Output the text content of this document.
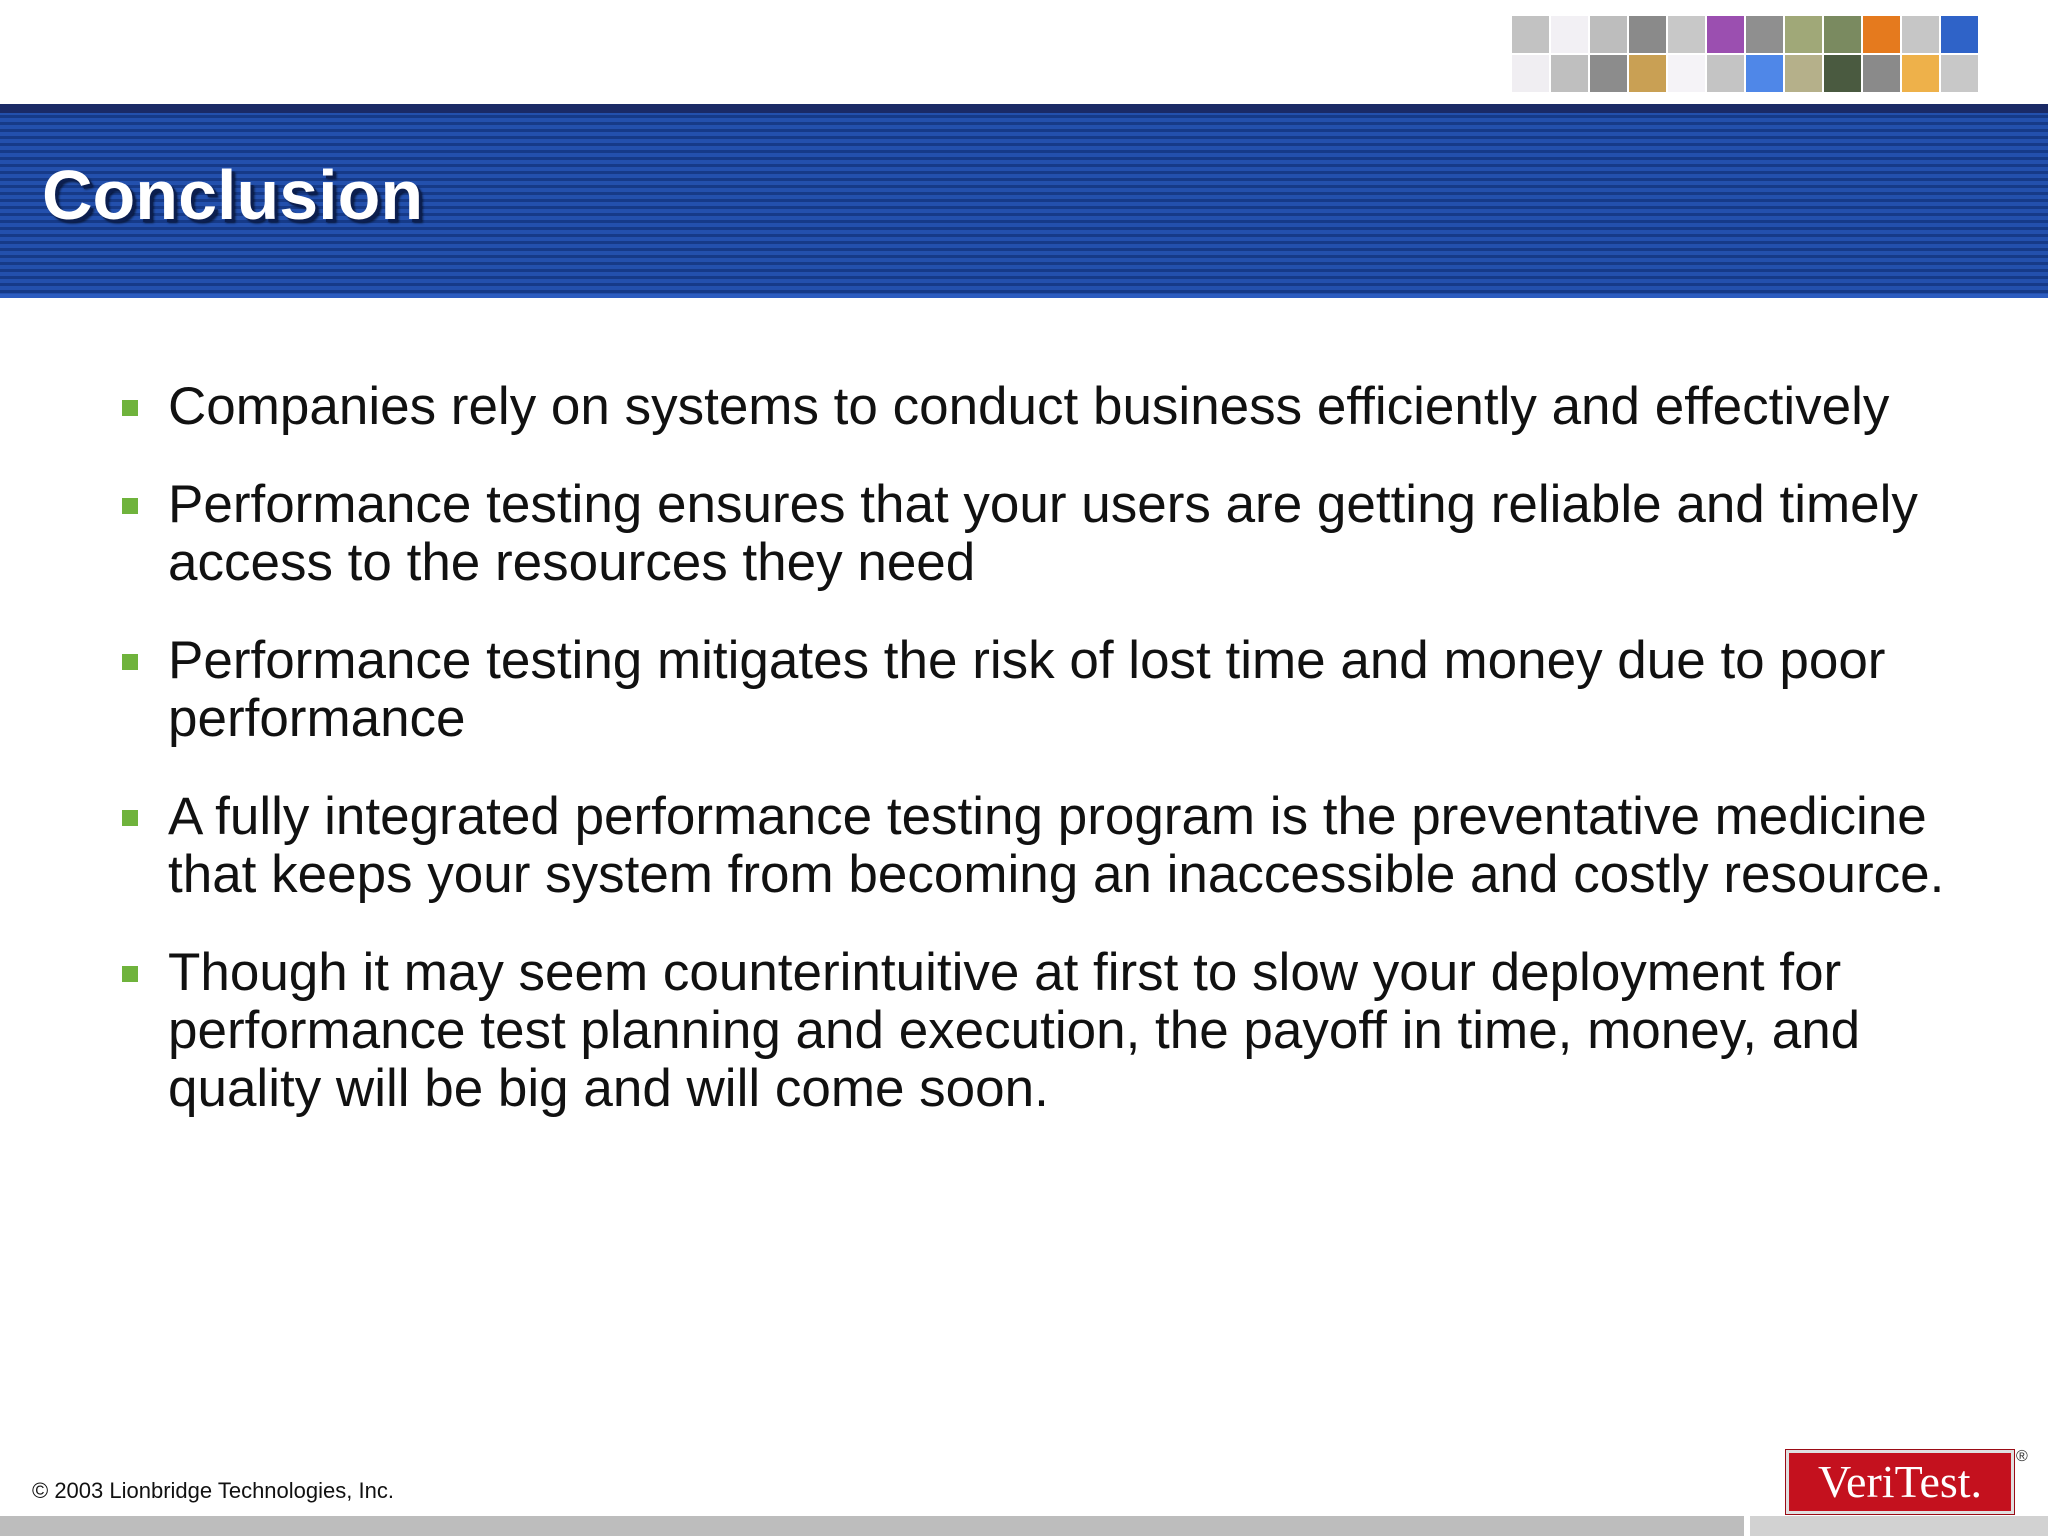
Conclusion
Companies rely on systems to conduct business efficiently and effectively
Performance testing ensures that your users are getting reliable and timely access to the resources they need
Performance testing mitigates the risk of lost time and money due to poor performance
A fully integrated performance testing program is the preventative medicine that keeps your system from becoming an inaccessible and costly resource.
Though it may seem counterintuitive at first to slow your deployment for performance test planning and execution, the payoff in time, money, and quality will be big and will come soon.
© 2003 Lionbridge Technologies, Inc.	VeriTest. ®
